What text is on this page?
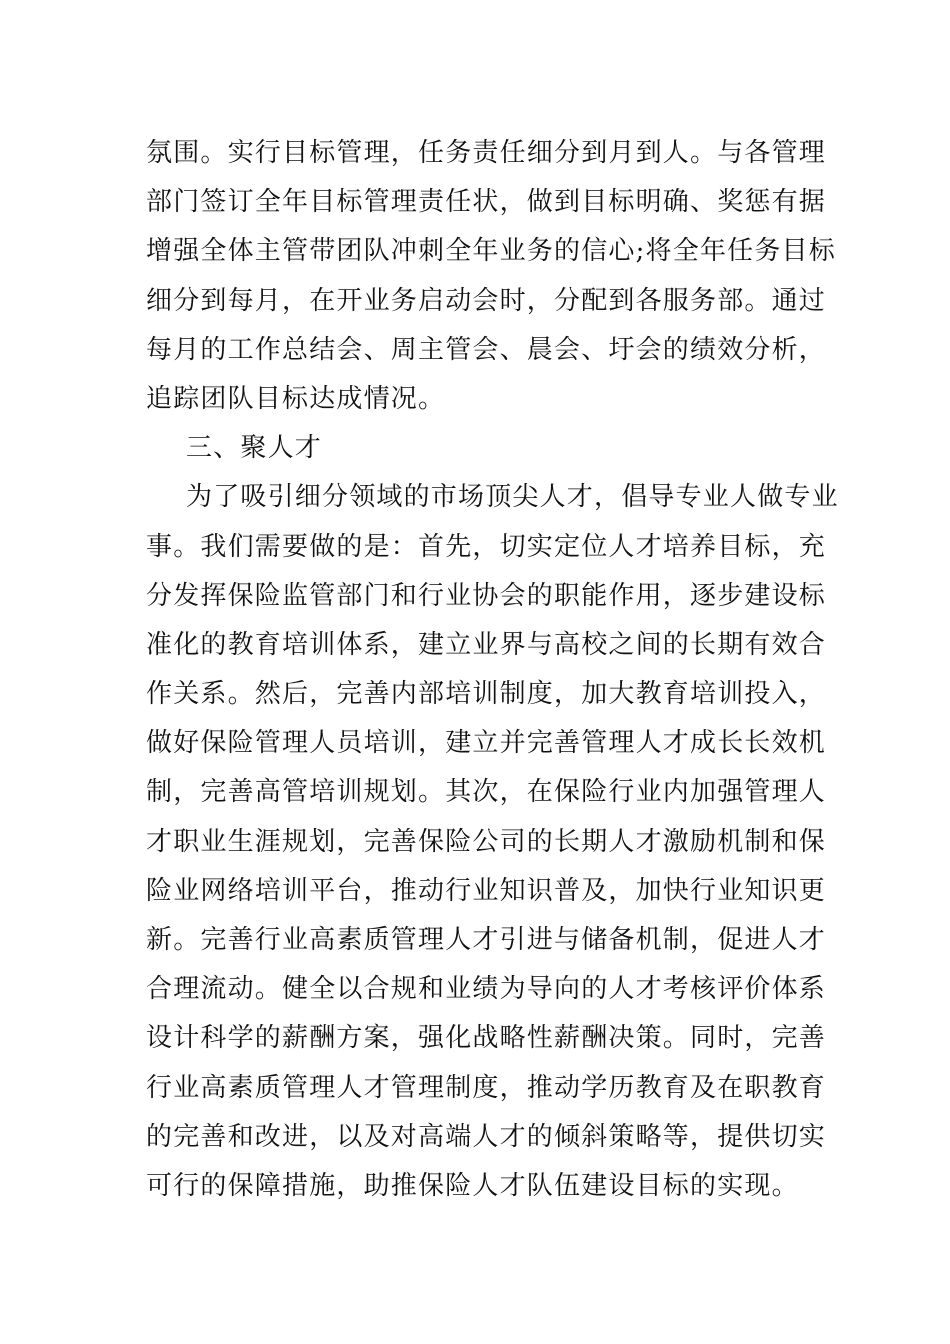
氛围。实行目标管理，任务责任细分到月到人。与各管理
部门签订全年目标管理责任状，做到目标明确、奖惩有据
增强全体主管带团队冲刺全年业务的信心;将全年任务目标
细分到每月，在开业务启动会时，分配到各服务部。通过
每月的工作总结会、周主管会、晨会、圩会的绩效分析，
追踪团队目标达成情况。
三、聚人才
为了吸引细分领域的市场顶尖人才，倡导专业人做专业
事。我们需要做的是：首先，切实定位人才培养目标，充
分发挥保险监管部门和行业协会的职能作用，逐步建设标
准化的教育培训体系，建立业界与高校之间的长期有效合
作关系。然后，完善内部培训制度，加大教育培训投入，
做好保险管理人员培训，建立并完善管理人才成长长效机
制，完善高管培训规划。其次，在保险行业内加强管理人
才职业生涯规划，完善保险公司的长期人才激励机制和保
险业网络培训平台，推动行业知识普及，加快行业知识更
新。完善行业高素质管理人才引进与储备机制，促进人才
合理流动。健全以合规和业绩为导向的人才考核评价体系
设计科学的薪酬方案，强化战略性薪酬决策。同时，完善
行业高素质管理人才管理制度，推动学历教育及在职教育
的完善和改进，以及对高端人才的倾斜策略等，提供切实
可行的保障措施，助推保险人才队伍建设目标的实现。
